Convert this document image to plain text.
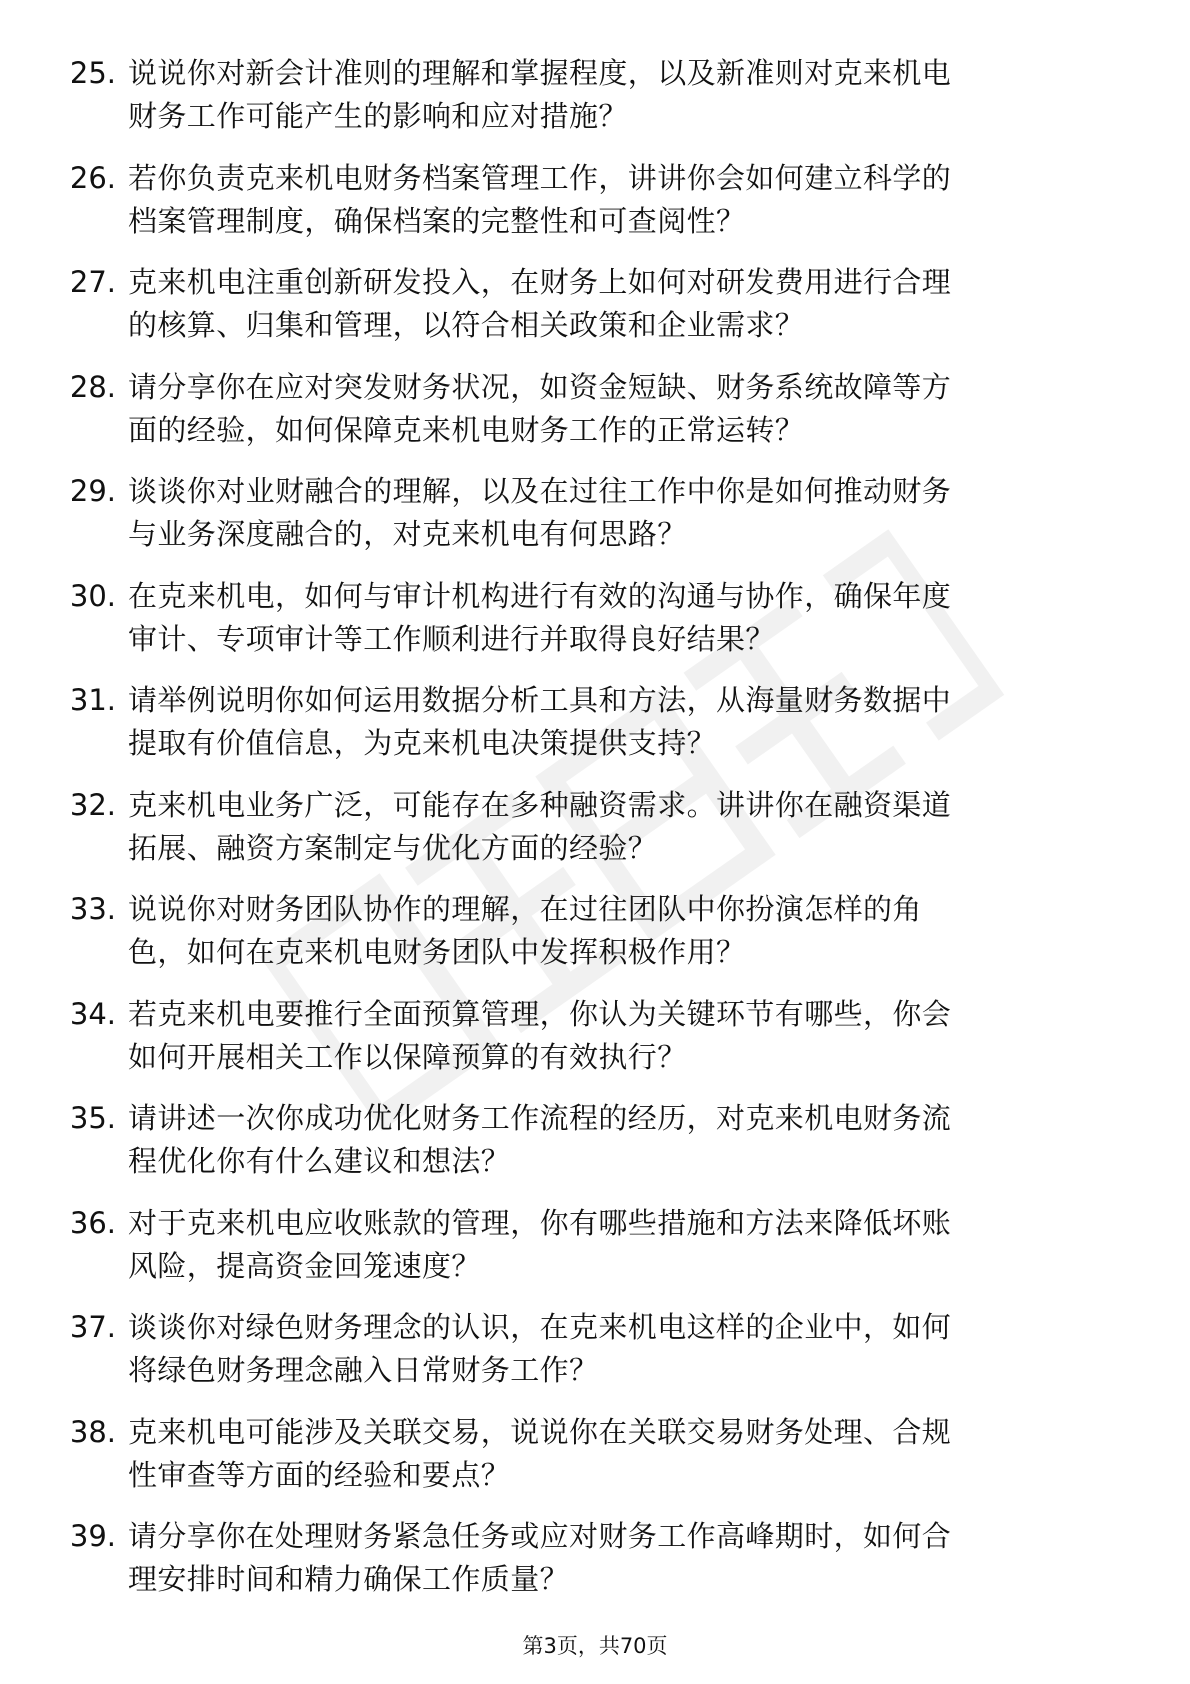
25. 说说你对新会计准则的理解和掌握程度，以及新准则对克来机电
财务工作可能产生的影响和应对措施？
26. 若你负责克来机电财务档案管理工作，讲讲你会如何建立科学的
档案管理制度，确保档案的完整性和可查阅性？
27. 克来机电注重创新研发投入，在财务上如何对研发费用进行合理
的核算、归集和管理，以符合相关政策和企业需求？
28. 请分享你在应对突发财务状况，如资金短缺、财务系统故障等方
面的经验，如何保障克来机电财务工作的正常运转？
29. 谈谈你对业财融合的理解，以及在过往工作中你是如何推动财务
与业务深度融合的，对克来机电有何思路？
30. 在克来机电，如何与审计机构进行有效的沟通与协作，确保年度
审计、专项审计等工作顺利进行并取得良好结果？
31. 请举例说明你如何运用数据分析工具和方法，从海量财务数据中
提取有价值信息，为克来机电决策提供支持？
32. 克来机电业务广泛，可能存在多种融资需求。讲讲你在融资渠道
拓展、融资方案制定与优化方面的经验？
33. 说说你对财务团队协作的理解，在过往团队中你扮演怎样的角
色，如何在克来机电财务团队中发挥积极作用？
34. 若克来机电要推行全面预算管理，你认为关键环节有哪些，你会
如何开展相关工作以保障预算的有效执行？
35. 请讲述一次你成功优化财务工作流程的经历，对克来机电财务流
程优化你有什么建议和想法？
36. 对于克来机电应收账款的管理，你有哪些措施和方法来降低坏账
风险，提高资金回笼速度？
37. 谈谈你对绿色财务理念的认识，在克来机电这样的企业中，如何
将绿色财务理念融入日常财务工作？
38. 克来机电可能涉及关联交易，说说你在关联交易财务处理、合规
性审查等方面的经验和要点？
39. 请分享你在处理财务紧急任务或应对财务工作高峰期时，如何合
理安排时间和精力确保工作质量？
第3页，共70页
